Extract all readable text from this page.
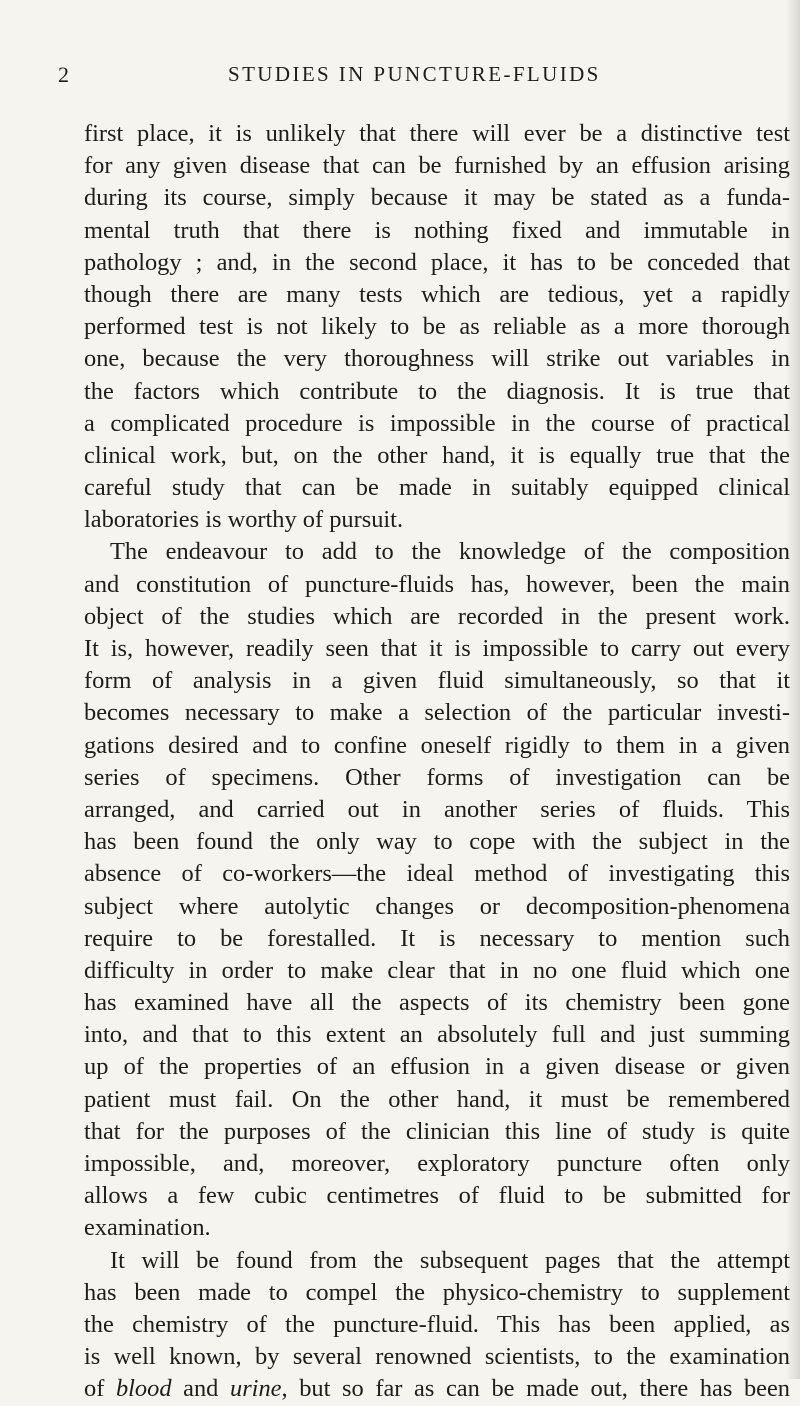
2	STUDIES IN PUNCTURE-FLUIDS
first place, it is unlikely that there will ever be a distinctive test
for any given disease that can be furnished by an effusion arising
during its course, simply because it may be stated as a funda-
mental truth that there is nothing fixed and immutable in
pathology ; and, in the second place, it has to be conceded that
though there are many tests which are tedious, yet a rapidly
performed test is not likely to be as reliable as a more thorough
one, because the very thoroughness will strike out variables in
the factors which contribute to the diagnosis. It is true that
a complicated procedure is impossible in the course of practical
clinical work, but, on the other hand, it is equally true that the
careful study that can be made in suitably equipped clinical
laboratories is worthy of pursuit.
The endeavour to add to the knowledge of the composition
and constitution of puncture-fluids has, however, been the main
object of the studies which are recorded in the present work.
It is, however, readily seen that it is impossible to carry out every
form of analysis in a given fluid simultaneously, so that it
becomes necessary to make a selection of the particular investi-
gations desired and to confine oneself rigidly to them in a given
series of specimens. Other forms of investigation can be
arranged, and carried out in another series of fluids. This
has been found the only way to cope with the subject in the
absence of co-workers—the ideal method of investigating this
subject where autolytic changes or decomposition-phenomena
require to be forestalled. It is necessary to mention such
difficulty in order to make clear that in no one fluid which one
has examined have all the aspects of its chemistry been gone
into, and that to this extent an absolutely full and just summing
up of the properties of an effusion in a given disease or given
patient must fail. On the other hand, it must be remembered
that for the purposes of the clinician this line of study is quite
impossible, and, moreover, exploratory puncture often only
allows a few cubic centimetres of fluid to be submitted for
examination.
It will be found from the subsequent pages that the attempt
has been made to compel the physico-chemistry to supplement
the chemistry of the puncture-fluid. This has been applied, as
is well known, by several renowned scientists, to the examination
of blood and urine, but so far as can be made out, there has been
